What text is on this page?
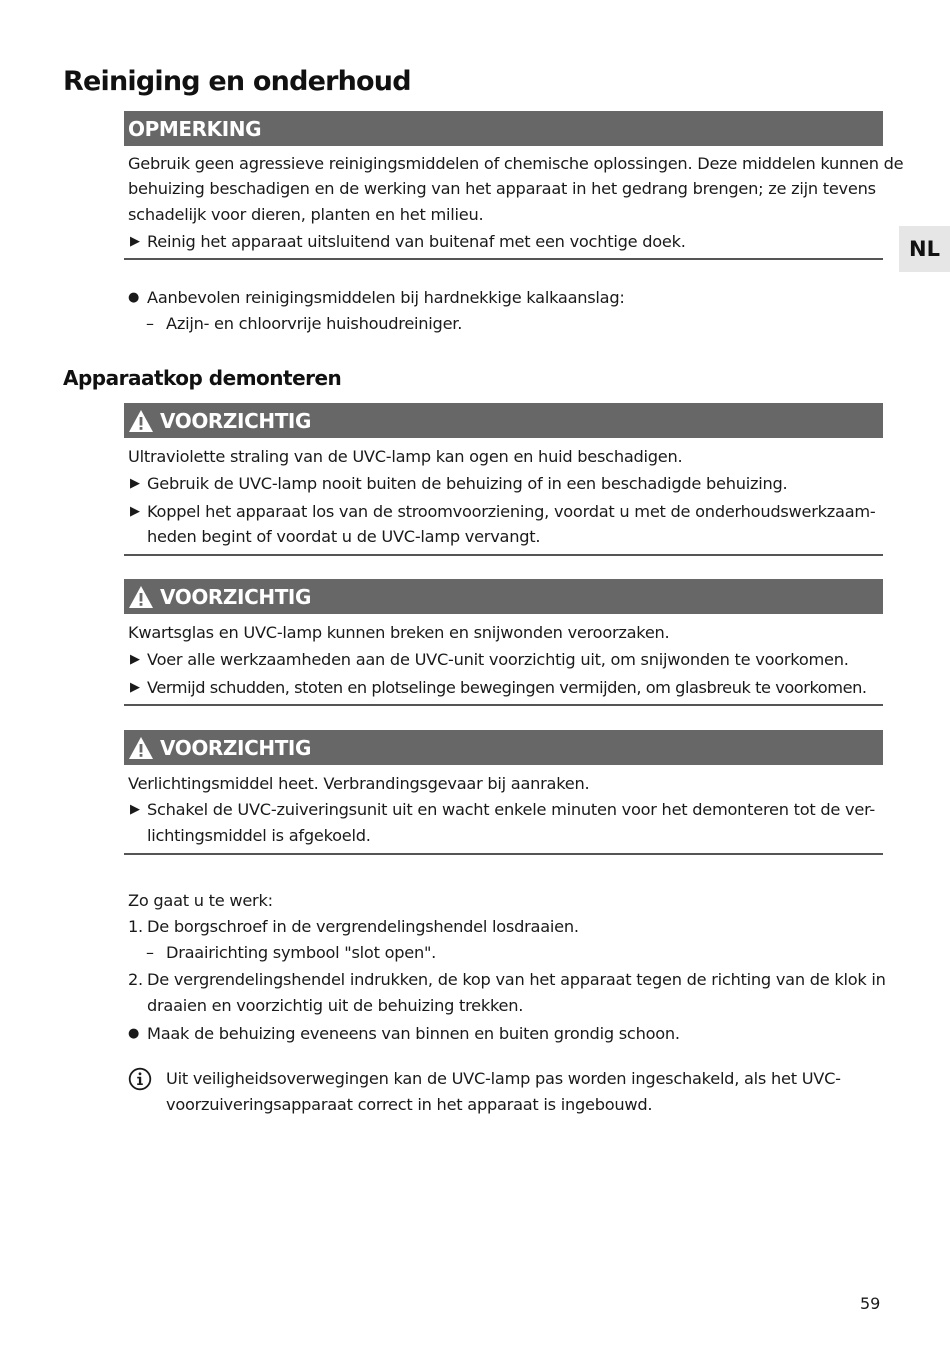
Reiniging en onderhoud
NL
OPMERKING
Gebruik geen agressieve reinigingsmiddelen of chemische oplossingen. Deze middelen kunnen de
behuizing beschadigen en de werking van het apparaat in het gedrang brengen; ze zijn tevens
schadelijk voor dieren, planten en het milieu.
▶ Reinig het apparaat uitsluitend van buitenaf met een vochtige doek.
● Aanbevolen reinigingsmiddelen bij hardnekkige kalkaanslag:
– Azijn- en chloorvrije huishoudreiniger.
Apparaatkop demonteren
VOORZICHTIG
Ultraviolette straling van de UVC-lamp kan ogen en huid beschadigen.
▶ Gebruik de UVC-lamp nooit buiten de behuizing of in een beschadigde behuizing.
▶ Koppel het apparaat los van de stroomvoorziening, voordat u met de onderhoudswerkzaam-
heden begint of voordat u de UVC-lamp vervangt.
VOORZICHTIG
Kwartsglas en UVC-lamp kunnen breken en snijwonden veroorzaken.
▶ Voer alle werkzaamheden aan de UVC-unit voorzichtig uit, om snijwonden te voorkomen.
▶ Vermijd schudden, stoten en plotselinge bewegingen vermijden, om glasbreuk te voorkomen.
VOORZICHTIG
Verlichtingsmiddel heet. Verbrandingsgevaar bij aanraken.
▶ Schakel de UVC-zuiveringsunit uit en wacht enkele minuten voor het demonteren tot de ver-
lichtingsmiddel is afgekoeld.
Zo gaat u te werk:
1. De borgschroef in de vergrendelingshendel losdraaien.
– Draairichting symbool "slot open".
2. De vergrendelingshendel indrukken, de kop van het apparaat tegen de richting van de klok in
draaien en voorzichtig uit de behuizing trekken.
● Maak de behuizing eveneens van binnen en buiten grondig schoon.
Uit veiligheidsoverwegingen kan de UVC-lamp pas worden ingeschakeld, als het UVC-
voorzuiveringsapparaat correct in het apparaat is ingebouwd.
59
